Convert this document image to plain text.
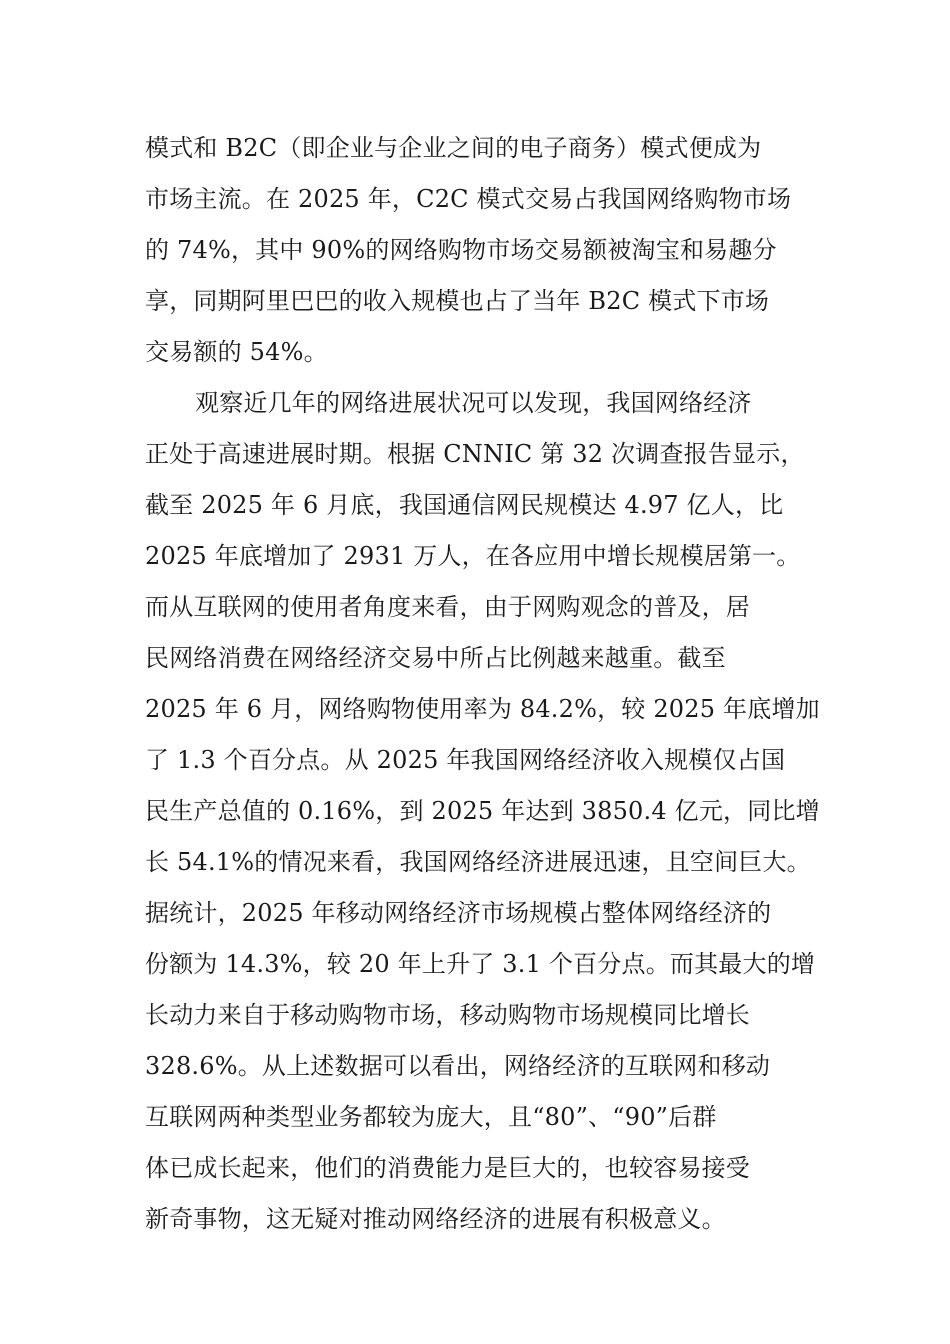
模式和 B2C（即企业与企业之间的电子商务）模式便成为
市场主流。在 2025 年，C2C 模式交易占我国网络购物市场
的 74%，其中 90%的网络购物市场交易额被淘宝和易趣分
享，同期阿里巴巴的收入规模也占了当年 B2C 模式下市场
交易额的 54%。
观察近几年的网络进展状况可以发现，我国网络经济
正处于高速进展时期。根据 CNNIC 第 32 次调查报告显示，
截至 2025 年 6 月底，我国通信网民规模达 4.97 亿人，比
2025 年底增加了 2931 万人，在各应用中增长规模居第一。
而从互联网的使用者角度来看，由于网购观念的普及，居
民网络消费在网络经济交易中所占比例越来越重。截至
2025 年 6 月，网络购物使用率为 84.2%，较 2025 年底增加
了 1.3 个百分点。从 2025 年我国网络经济收入规模仅占国
民生产总值的 0.16%，到 2025 年达到 3850.4 亿元，同比增
长 54.1%的情况来看，我国网络经济进展迅速，且空间巨大。
据统计，2025 年移动网络经济市场规模占整体网络经济的
份额为 14.3%，较 20 年上升了 3.1 个百分点。而其最大的增
长动力来自于移动购物市场，移动购物市场规模同比增长
328.6%。从上述数据可以看出，网络经济的互联网和移动
互联网两种类型业务都较为庞大，且“80”、“90”后群
体已成长起来，他们的消费能力是巨大的，也较容易接受
新奇事物，这无疑对推动网络经济的进展有积极意义。
